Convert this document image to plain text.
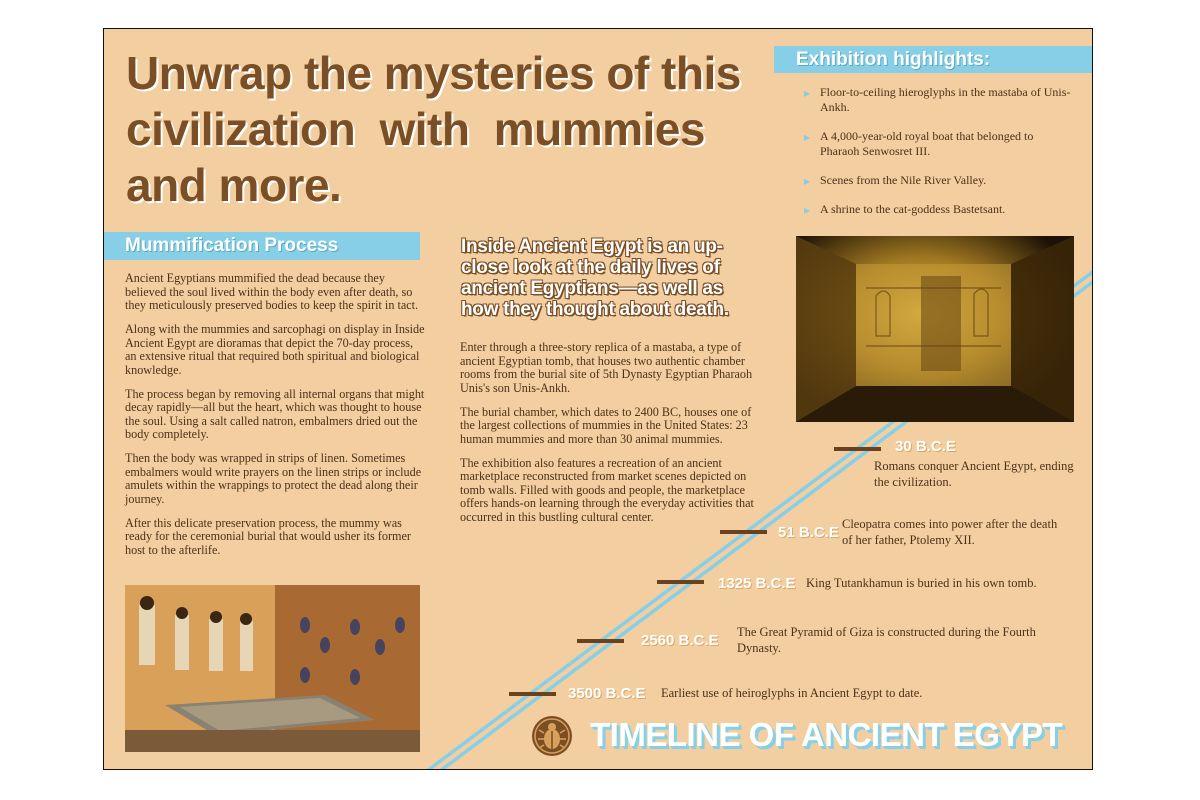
Unwrap the mysteries of this
civilization with mummies
and more.
Exhibition highlights:
▶ Floor-to-ceiling hieroglyphs in the mastaba of Unis-Ankh.
▶ A 4,000-year-old royal boat that belonged to Pharaoh Senwosret III.
▶ Scenes from the Nile River Valley.
▶ A shrine to the cat-goddess Bastetsant.
Mummification Process

Ancient Egyptians mummified the dead because they believed the soul lived within the body even after death, so they meticulously preserved bodies to keep the spirit in tact.

Along with the mummies and sarcophagi on display in Inside Ancient Egypt are dioramas that depict the 70-day process, an extensive ritual that required both spiritual and biological knowledge.

The process began by removing all internal organs that might decay rapidly—all but the heart, which was thought to house the soul. Using a salt called natron, embalmers dried out the body completely.

Then the body was wrapped in strips of linen. Sometimes embalmers would write prayers on the linen strips or include amulets within the wrappings to protect the dead along their journey.

After this delicate preservation process, the mummy was ready for the ceremonial burial that would usher its former host to the afterlife.

Inside Ancient Egypt is an up-close look at the daily lives of ancient Egyptians—as well as how they thought about death.

Enter through a three-story replica of a mastaba, a type of ancient Egyptian tomb, that houses two authentic chamber rooms from the burial site of 5th Dynasty Egyptian Pharaoh Unis's son Unis-Ankh.

The burial chamber, which dates to 2400 BC, houses one of the largest collections of mummies in the United States: 23 human mummies and more than 30 animal mummies.

The exhibition also features a recreation of an ancient marketplace reconstructed from market scenes depicted on tomb walls. Filled with goods and people, the marketplace offers hands-on learning through the everyday activities that occurred in this bustling cultural center.

30 B.C.E
Romans conquer Ancient Egypt, ending the civilization.
51 B.C.E Cleopatra comes into power after the death of her father, Ptolemy XII.
1325 B.C.E King Tutankhamun is buried in his own tomb.
2560 B.C.E The Great Pyramid of Giza is constructed during the Fourth Dynasty.
3500 B.C.E Earliest use of heiroglyphs in Ancient Egypt to date.
TIMELINE OF ANCIENT EGYPT
